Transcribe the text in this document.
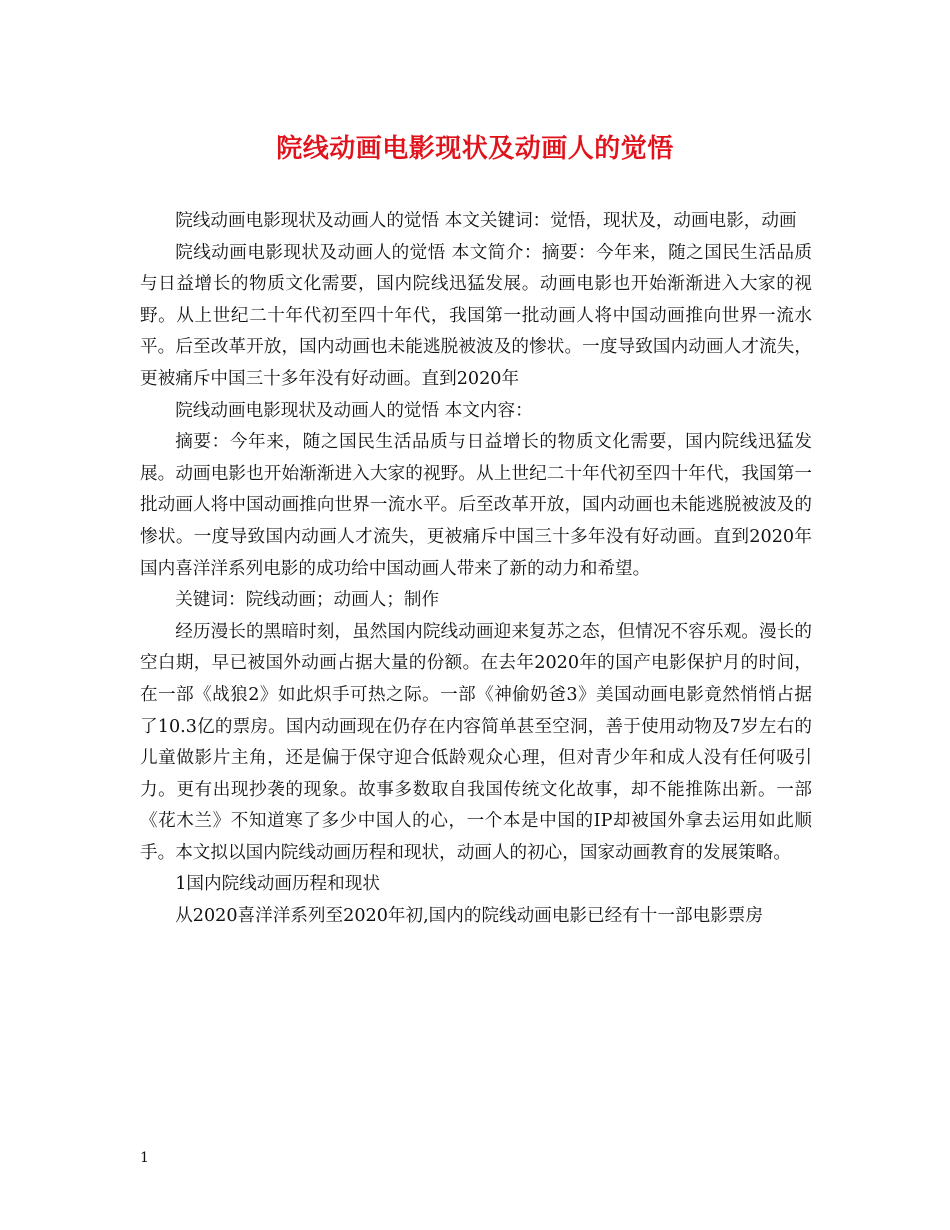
院线动画电影现状及动画人的觉悟

院线动画电影现状及动画人的觉悟 本文关键词：觉悟，现状及，动画电影，动画

院线动画电影现状及动画人的觉悟 本文简介：摘要：今年来，随之国民生活品质与日益增长的物质文化需要，国内院线迅猛发展。动画电影也开始渐渐进入大家的视野。从上世纪二十年代初至四十年代，我国第一批动画人将中国动画推向世界一流水平。后至改革开放，国内动画也未能逃脱被波及的惨状。一度导致国内动画人才流失，更被痛斥中国三十多年没有好动画。直到2020年

院线动画电影现状及动画人的觉悟 本文内容：

摘要：今年来，随之国民生活品质与日益增长的物质文化需要，国内院线迅猛发展。动画电影也开始渐渐进入大家的视野。从上世纪二十年代初至四十年代，我国第一批动画人将中国动画推向世界一流水平。后至改革开放，国内动画也未能逃脱被波及的惨状。一度导致国内动画人才流失，更被痛斥中国三十多年没有好动画。直到2020年国内喜洋洋系列电影的成功给中国动画人带来了新的动力和希望。

关键词：院线动画；动画人；制作

经历漫长的黑暗时刻，虽然国内院线动画迎来复苏之态，但情况不容乐观。漫长的空白期，早已被国外动画占据大量的份额。在去年2020年的国产电影保护月的时间，在一部《战狼2》如此炽手可热之际。一部《神偷奶爸3》美国动画电影竟然悄悄占据了10.3亿的票房。国内动画现在仍存在内容简单甚至空洞，善于使用动物及7岁左右的儿童做影片主角，还是偏于保守迎合低龄观众心理，但对青少年和成人没有任何吸引力。更有出现抄袭的现象。故事多数取自我国传统文化故事，却不能推陈出新。一部《花木兰》不知道寒了多少中国人的心，一个本是中国的IP却被国外拿去运用如此顺手。本文拟以国内院线动画历程和现状，动画人的初心，国家动画教育的发展策略。

1国内院线动画历程和现状

从2020喜洋洋系列至2020年初,国内的院线动画电影已经有十一部电影票房

1
